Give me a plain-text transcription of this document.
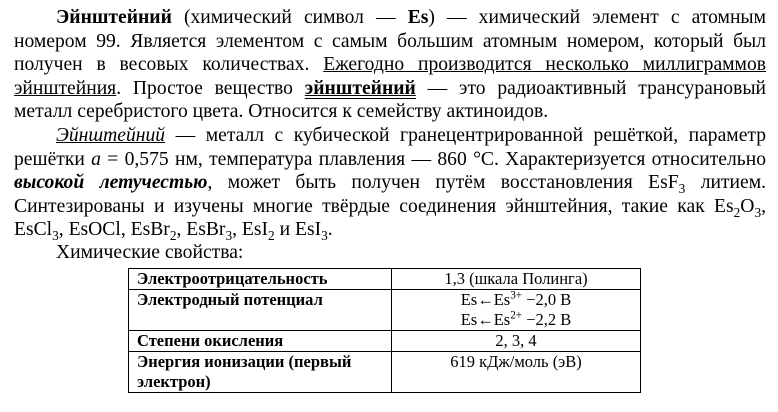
Эйнштейний (химический символ — Es) — химический элемент с атомным номером 99. Является элементом с самым большим атомным номером, который был получен в весовых количествах. Ежегодно производится несколько миллиграммов эйнштейния. Простое вещество эйнштейний — это радиоактивный трансурановый металл серебристого цвета. Относится к семейству актиноидов.

Эйнштейний — металл с кубической гранецентрированной решёткой, параметр решётки a = 0,575 нм, температура плавления — 860 °C. Характеризуется относительно высокой летучестью, может быть получен путём восстановления EsF$_3$ литием. Синтезированы и изучены многие твёрдые соединения эйнштейния, такие как $Es_2O_3$, EsCl$_3$, EsOCl, EsBr$_2$, EsBr$_3$, EsI$_2$ и EsI$_3$.

Химические свойства:

Электроотрицательность	1,3 (шкала Полинга)
Электродный потенциал	$Es\leftarrow Es^{3+} -2,0$ В
$Es\leftarrow Es^{2+} -2,2$ В

Степени окисления	2, 3, 4
Энергия ионизации (первый электрон)	619 кДж/моль (эВ)
